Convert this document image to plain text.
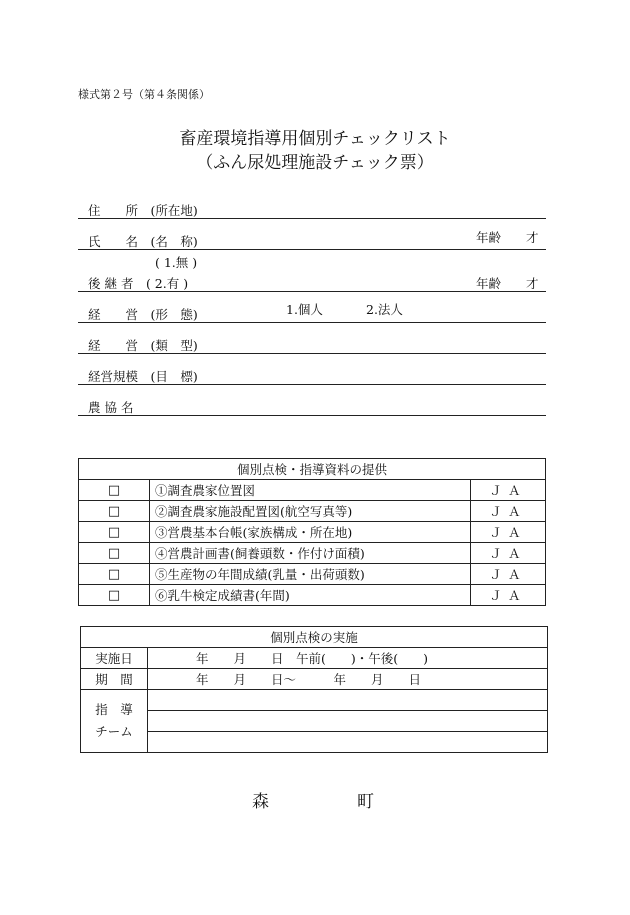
様式第２号（第４条関係）
畜産環境指導用個別チェックリスト
（ふん尿処理施設チェック票）
住　　所　(所在地)
氏　　名　(名　称)	年齢　　才
( 1.無 )
後 継 者　( 2.有 )	年齢　　才
経　　営　(形　態)	1.個人	2.法人
経　　営　(類　型)
経営規模　(目　標)
農 協 名
個別点検・指導資料の提供		
□	①調査農家位置図	ＪＡ
□	②調査農家施設配置図(航空写真等)	ＪＡ
□	③営農基本台帳(家族構成・所在地)	ＪＡ
□	④営農計画書(飼養頭数・作付け面積)	ＪＡ
□	⑤生産物の年間成績(乳量・出荷頭数)	ＪＡ
□	⑥乳牛検定成績書(年間)	ＪＡ
個別点検の実施	
実施日	年　　月　　日　午前(　　)・午後(　　)
期　間	年　　月　　日～　　　年　　月　　日

指　導
チーム	

森	町
